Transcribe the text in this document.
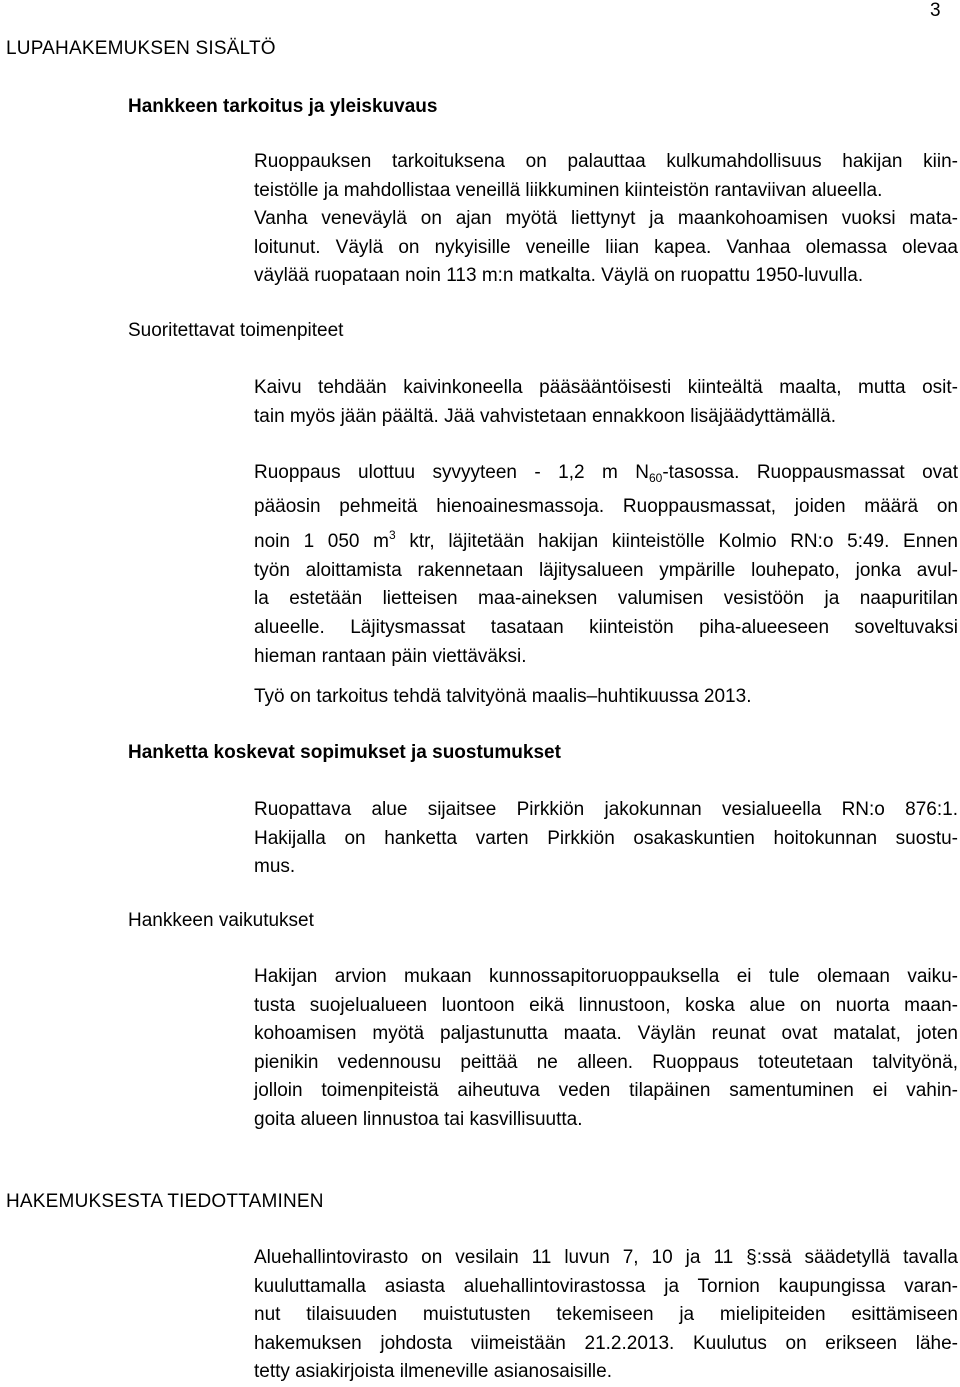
3
LUPAHAKEMUKSEN SISÄLTÖ
Hankkeen tarkoitus ja yleiskuvaus
Ruoppauksen tarkoituksena on palauttaa kulkumahdollisuus hakijan kiin-
teistölle ja mahdollistaa veneillä liikkuminen kiinteistön rantaviivan alueella.
Vanha veneväylä on ajan myötä liettynyt ja maankohoamisen vuoksi mata-
loitunut. Väylä on nykyisille veneille liian kapea. Vanhaa olemassa olevaa
väylää ruopataan noin 113 m:n matkalta. Väylä on ruopattu 1950-luvulla.
Suoritettavat toimenpiteet
Kaivu tehdään kaivinkoneella pääsääntöisesti kiinteältä maalta, mutta osit-
tain myös jään päältä. Jää vahvistetaan ennakkoon lisäjäädyttämällä.
Ruoppaus ulottuu syvyyteen - 1,2 m $N_{60}$-tasossa. Ruoppausmassat ovat
pääosin pehmeitä hienoainesmassoja. Ruoppausmassat, joiden määrä on
noin 1 050 $m^3$ ktr, läjitetään hakijan kiinteistölle Kolmio RN:o 5:49. Ennen
työn aloittamista rakennetaan läjitysalueen ympärille louhepato, jonka avul-
la estetään liettеisen maa-aineksen valumisen vesistöön ja naapuritilan
alueelle. Läjitysmassat tasataan kiinteistön piha-alueeseen soveltuvaksi
hieman rantaan päin viettäväksi.
Työ on tarkoitus tehdä talvityönä maalis–huhtikuussa 2013.
Hanketta koskevat sopimukset ja suostumukset
Ruopattava alue sijaitsee Pirkkiön jakokunnan vesialueella RN:o 876:1.
Hakijalla on hanketta varten Pirkkiön osakaskuntien hoitokunnan suostu-
mus.
Hankkeen vaikutukset
Hakijan arvion mukaan kunnossapitoruoppauksella ei tule olemaan vaiku-
tusta suojelualueen luontoon eikä linnustoon, koska alue on nuorta maan-
kohoamisen myötä paljastunutta maata. Väylän reunat ovat matalat, joten
pienikin vedennousu peittää ne alleen. Ruoppaus toteutetaan talvityönä,
jolloin toimenpiteistä aiheutuva veden tilapäinen samentuminen ei vahin-
goita alueen linnustoa tai kasvillisuutta.
HAKEMUKSESTA TIEDOTTAMINEN
Aluehallintovirasto on vesilain 11 luvun 7, 10 ja 11 §:ssä säädetyllä tavalla
kuuluttamalla asiasta aluehallintovirastossa ja Tornion kaupungissa varan-
nut tilaisuuden muistutusten tekemiseen ja mielipiteiden esittämiseen
hakemuksen johdosta viimeistään 21.2.2013. Kuulutus on erikseen lähe-
tetty asiakirjoista ilmeneville asianosaisille.
